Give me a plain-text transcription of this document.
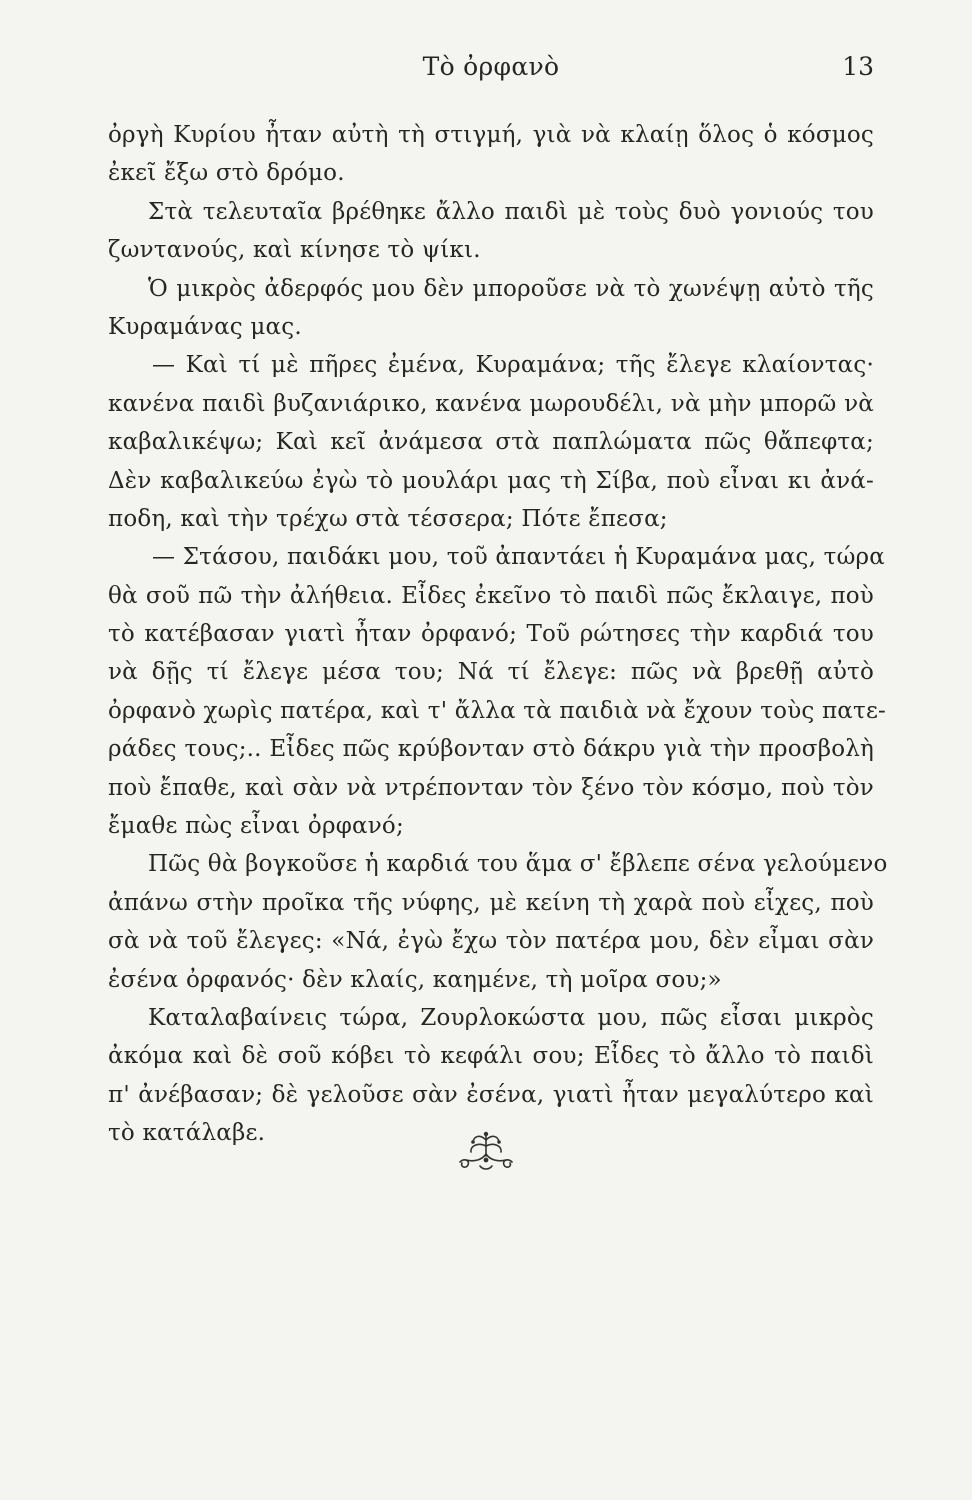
Τὸ ὀρφανὸ	13
ὀργὴ Κυρίου ἦταν αὐτὴ τὴ στιγμή, γιὰ νὰ κλαίῃ ὅλος ὁ κόσμος
ἐκεῖ ἔξω στὸ δρόμο.
Στὰ τελευταῖα βρέθηκε ἄλλο παιδὶ μὲ τοὺς δυὸ γονιούς του
ζωντανούς, καὶ κίνησε τὸ ψίκι.
Ὁ μικρὸς ἀδερφός μου δὲν μποροῦσε νὰ τὸ χωνέψῃ αὐτὸ τῆς
Κυραμάνας μας.
— Καὶ τί μὲ πῆρες ἐμένα, Κυραμάνα; τῆς ἔλεγε κλαίοντας·
κανένα παιδὶ βυζανιάρικο, κανένα μωρουδέλι, νὰ μὴν μπορῶ νὰ
καβαλικέψω; Καὶ κεῖ ἀνάμεσα στὰ παπλώματα πῶς θἄπεφτα;
Δὲν καβαλικεύω ἐγὼ τὸ μουλάρι μας τὴ Σίβα, ποὺ εἶναι κι ἀνά-
ποδη, καὶ τὴν τρέχω στὰ τέσσερα; Πότε ἔπεσα;
— Στάσου, παιδάκι μου, τοῦ ἀπαντάει ἡ Κυραμάνα μας, τώρα
θὰ σοῦ πῶ τὴν ἀλήθεια. Εἶδες ἐκεῖνο τὸ παιδὶ πῶς ἔκλαιγε, ποὺ
τὸ κατέβασαν γιατὶ ἦταν ὀρφανό; Τοῦ ρώτησες τὴν καρδιά του
νὰ δῇς τί ἔλεγε μέσα του; Νά τί ἔλεγε: πῶς νὰ βρεθῇ αὐτὸ
ὀρφανὸ χωρὶς πατέρα, καὶ τ' ἄλλα τὰ παιδιὰ νὰ ἔχουν τοὺς πατε-
ράδες τους;.. Εἶδες πῶς κρύβονταν στὸ δάκρυ γιὰ τὴν προσβολὴ
ποὺ ἔπαθε, καὶ σὰν νὰ ντρέπονταν τὸν ξένο τὸν κόσμο, ποὺ τὸν
ἔμαθε πὼς εἶναι ὀρφανό;
Πῶς θὰ βογκοῦσε ἡ καρδιά του ἅμα σ' ἔβλεπε σένα γελούμενο
ἀπάνω στὴν προῖκα τῆς νύφης, μὲ κείνη τὴ χαρὰ ποὺ εἶχες, ποὺ
σὰ νὰ τοῦ ἔλεγες: «Νά, ἐγὼ ἔχω τὸν πατέρα μου, δὲν εἶμαι σὰν
ἐσένα ὀρφανός· δὲν κλαίς, καημένε, τὴ μοῖρα σου;»
Καταλαβαίνεις τώρα, Ζουρλοκώστα μου, πῶς εἶσαι μικρὸς
ἀκόμα καὶ δὲ σοῦ κόβει τὸ κεφάλι σου; Εἶδες τὸ ἄλλο τὸ παιδὶ
π' ἀνέβασαν; δὲ γελοῦσε σὰν ἐσένα, γιατὶ ἦταν μεγαλύτερο καὶ
τὸ κατάλαβε.
